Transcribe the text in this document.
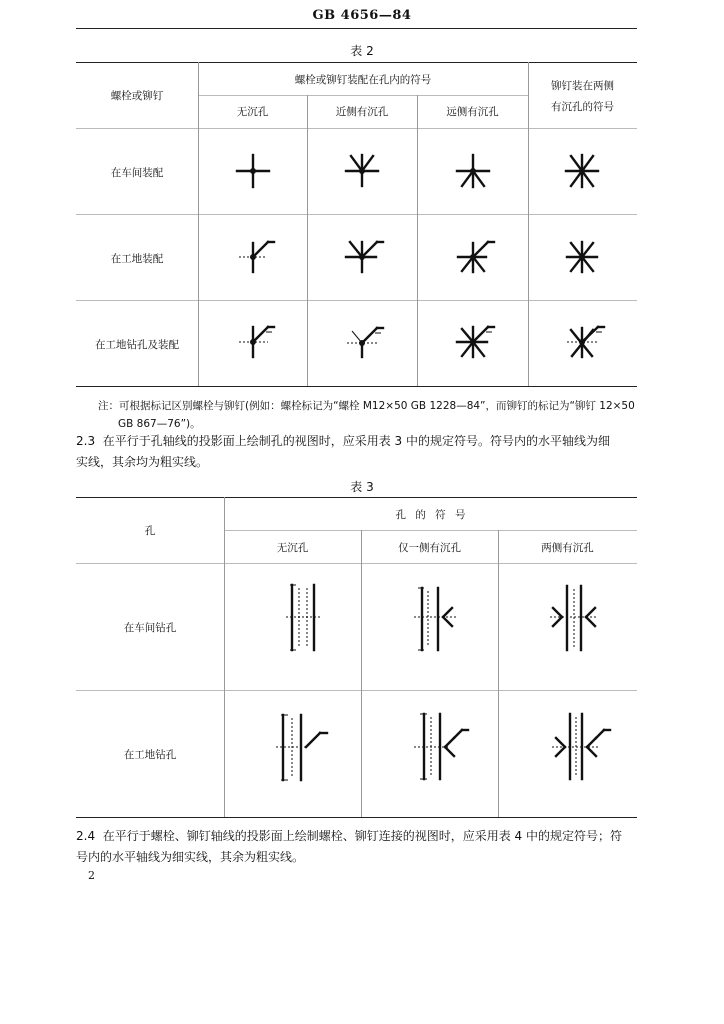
GB 4656—84
表 2
螺栓或铆钉
螺栓或铆钉装配在孔内的符号
无沉孔	近侧有沉孔	远侧有沉孔
铆钉装在两侧
有沉孔的符号
在车间装配
在工地装配
在工地钻孔及装配
注：可根据标记区别螺栓与铆钉(例如：螺栓标记为“螺栓 M12×50 GB 1228—84”，而铆钉的标记为“铆钉 12×50
GB 867—76”)。
2.3 在平行于孔轴线的投影面上绘制孔的视图时，应采用表 3 中的规定符号。符号内的水平轴线为细
实线，其余均为粗实线。
表 3
孔
孔 的 符 号
无沉孔	仅一侧有沉孔	两侧有沉孔
在车间钻孔
在工地钻孔
2.4 在平行于螺栓、铆钉轴线的投影面上绘制螺栓、铆钉连接的视图时，应采用表 4 中的规定符号；符
号内的水平轴线为细实线，其余为粗实线。
2
